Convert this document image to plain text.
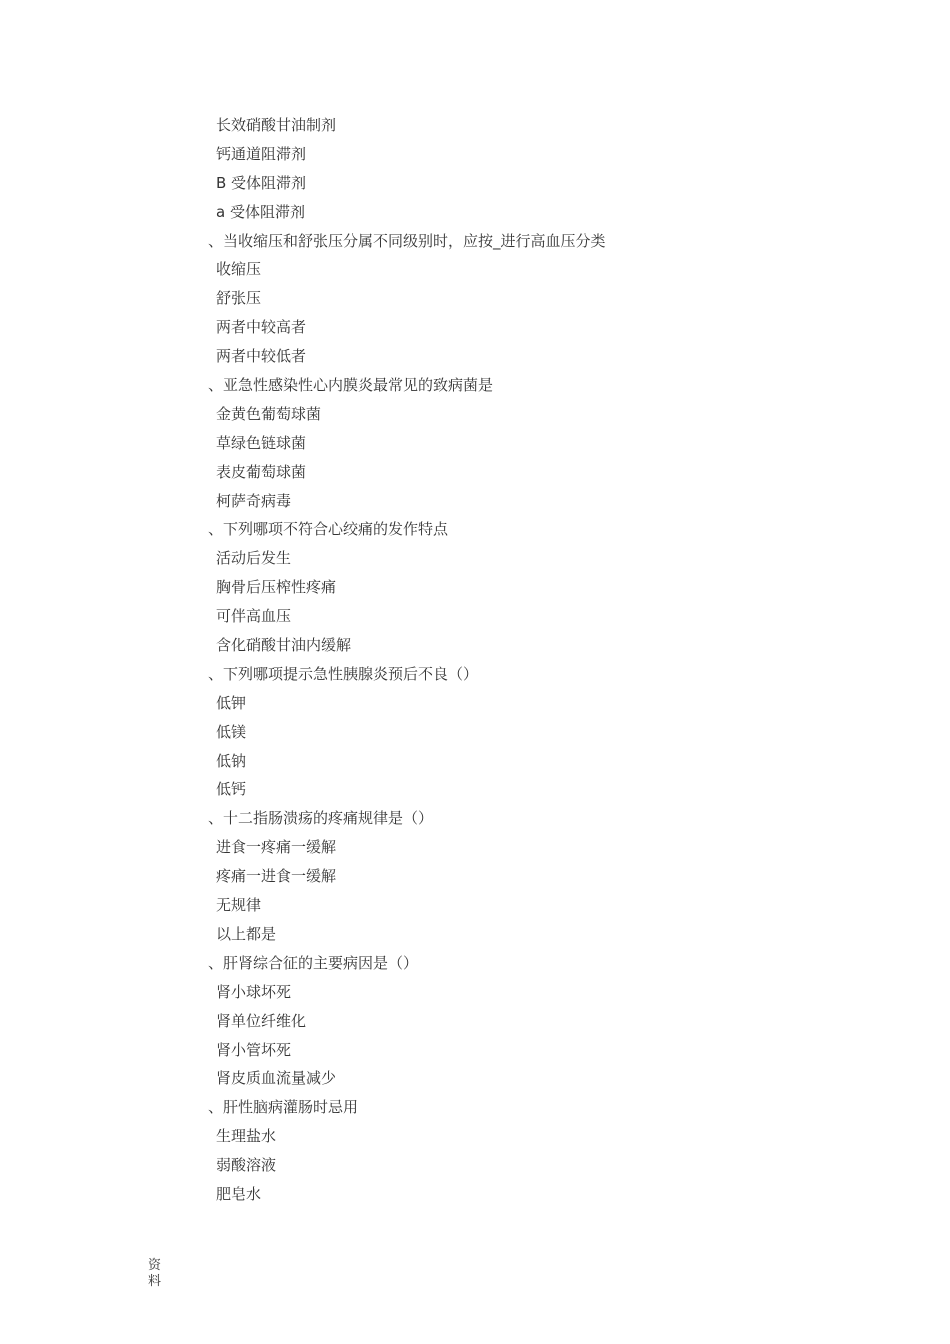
长效硝酸甘油制剂
钙通道阻滞剂
B 受体阻滞剂
a 受体阻滞剂
、当收缩压和舒张压分属不同级别时，应按_进行高血压分类
收缩压
舒张压
两者中较高者
两者中较低者
、亚急性感染性心内膜炎最常见的致病菌是
金黄色葡萄球菌
草绿色链球菌
表皮葡萄球菌
柯萨奇病毒
、下列哪项不符合心绞痛的发作特点
活动后发生
胸骨后压榨性疼痛
可伴高血压
含化硝酸甘油内缓解
、下列哪项提示急性胰腺炎预后不良（）
低钾
低镁
低钠
低钙
、十二指肠溃疡的疼痛规律是（）
进食一疼痛一缓解
疼痛一进食一缓解
无规律
以上都是
、肝肾综合征的主要病因是（）
肾小球坏死
肾单位纤维化
肾小管坏死
肾皮质血流量减少
、肝性脑病灌肠时忌用
生理盐水
弱酸溶液
肥皂水
资料
